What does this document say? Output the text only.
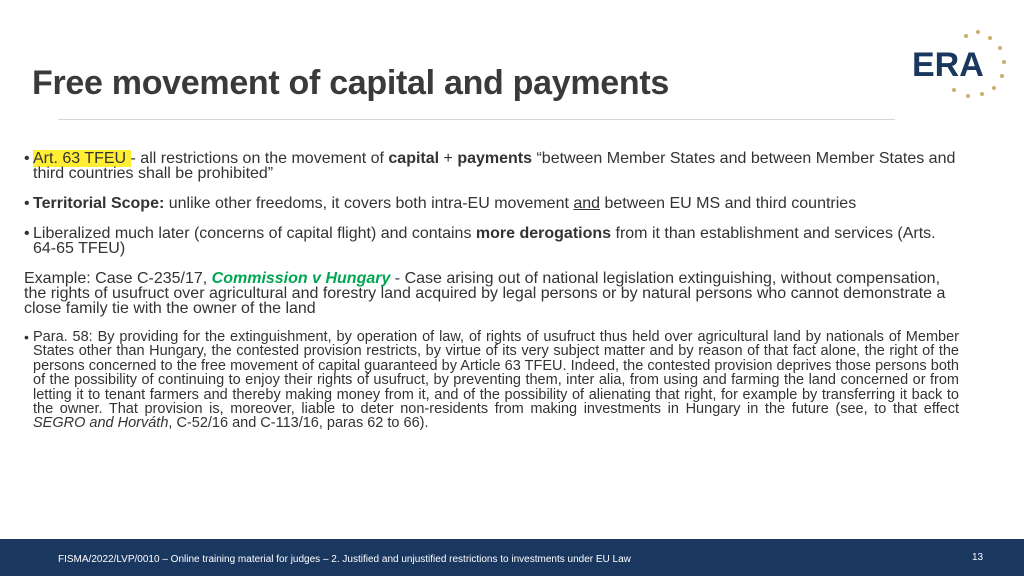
Free movement of capital and payments	ERA
• Art. 63 TFEU - all restrictions on the movement of capital + payments “between Member States and between Member States and third countries shall be prohibited”
• Territorial Scope: unlike other freedoms, it covers both intra-EU movement and between EU MS and third countries
• Liberalized much later (concerns of capital flight) and contains more derogations from it than establishment and services (Arts. 64-65 TFEU)
Example: Case C-235/17, Commission v Hungary - Case arising out of national legislation extinguishing, without compensation, the rights of usufruct over agricultural and forestry land acquired by legal persons or by natural persons who cannot demonstrate a close family tie with the owner of the land
• Para. 58: By providing for the extinguishment, by operation of law, of rights of usufruct thus held over agricultural land by nationals of Member States other than Hungary, the contested provision restricts, by virtue of its very subject matter and by reason of that fact alone, the right of the persons concerned to the free movement of capital guaranteed by Article 63 TFEU. Indeed, the contested provision deprives those persons both of the possibility of continuing to enjoy their rights of usufruct, by preventing them, inter alia, from using and farming the land concerned or from letting it to tenant farmers and thereby making money from it, and of the possibility of alienating that right, for example by transferring it back to the owner. That provision is, moreover, liable to deter non-residents from making investments in Hungary in the future (see, to that effect SEGRO and Horváth, C-52/16 and C-113/16, paras 62 to 66).
FISMA/2022/LVP/0010 – Online training material for judges – 2. Justified and unjustified restrictions to investments under EU Law	13
